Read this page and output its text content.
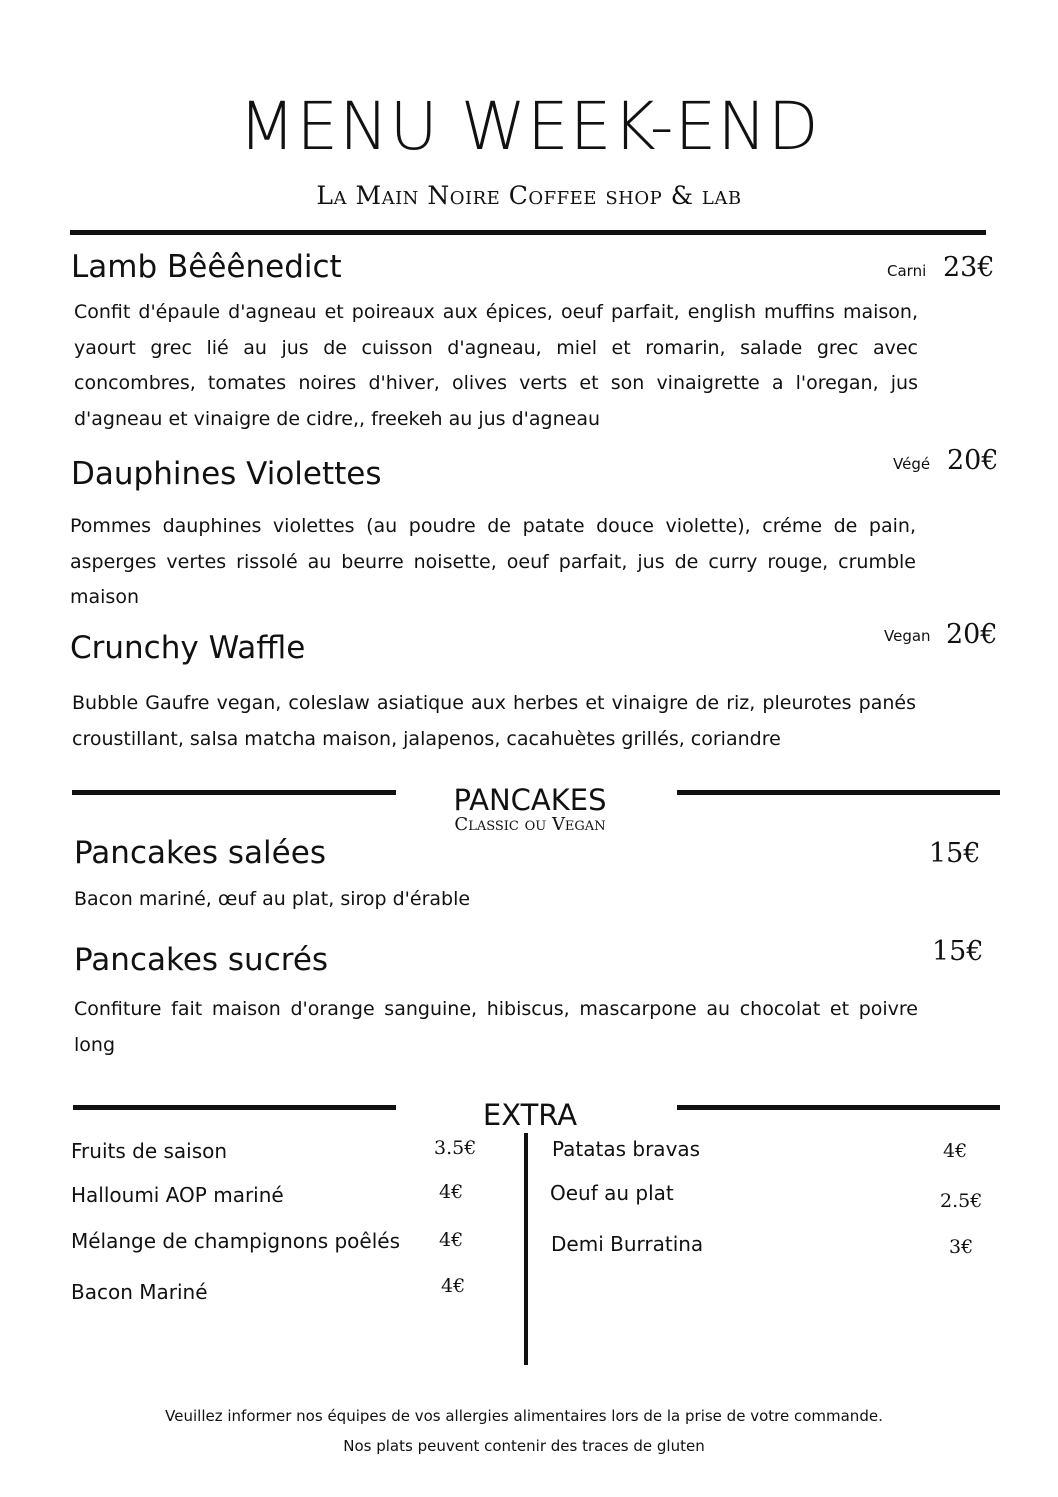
MENU WEEK-END
La Main Noire Coffee shop & lab
Lamb Bêêênedict	Carni 23€
Confit d'épaule d'agneau et poireaux aux épices, oeuf parfait, english muffins maison, yaourt grec lié au jus de cuisson d'agneau, miel et romarin, salade grec avec concombres, tomates noires d'hiver, olives verts et son vinaigrette a l'oregan, jus d'agneau et vinaigre de cidre,, freekeh au jus d'agneau
Dauphines Violettes	Végé 20€
Pommes dauphines violettes (au poudre de patate douce violette), créme de pain, asperges vertes rissolé au beurre noisette, oeuf parfait, jus de curry rouge, crumble maison
Crunchy Waffle	Vegan 20€
Bubble Gaufre vegan, coleslaw asiatique aux herbes et vinaigre de riz, pleurotes panés croustillant, salsa matcha maison, jalapenos, cacahuètes grillés, coriandre
PANCAKES
Classic ou Vegan
Pancakes salées	15€
Bacon mariné, œuf au plat, sirop d'érable
Pancakes sucrés	15€
Confiture fait maison d'orange sanguine, hibiscus, mascarpone au chocolat et poivre long
EXTRA
Fruits de saison	3.5€
Halloumi AOP mariné	4€
Mélange de champignons poêlés 4€
Bacon Mariné	4€
Patatas bravas	4€
Oeuf au plat	2.5€
Demi Burratina	3€
Veuillez informer nos équipes de vos allergies alimentaires lors de la prise de votre commande.
Nos plats peuvent contenir des traces de gluten
